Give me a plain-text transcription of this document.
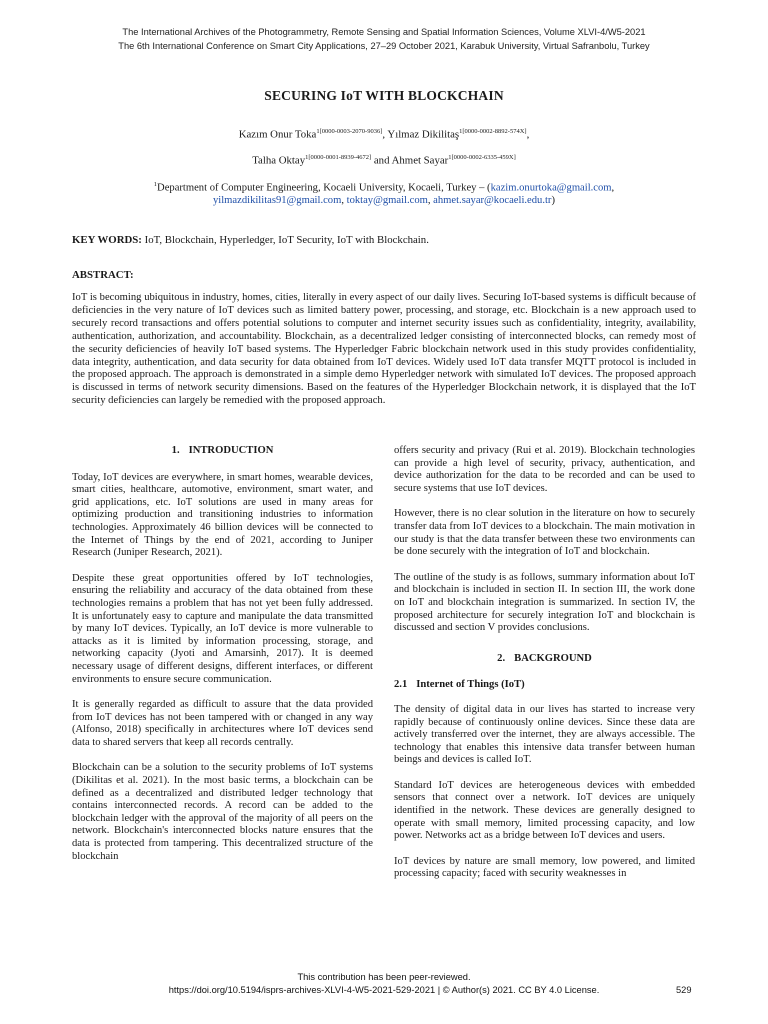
The International Archives of the Photogrammetry, Remote Sensing and Spatial Information Sciences, Volume XLVI-4/W5-2021
The 6th International Conference on Smart City Applications, 27–29 October 2021, Karabuk University, Virtual Safranbolu, Turkey
SECURING IoT WITH BLOCKCHAIN
Kazım Onur Toka$^{1[0000-0003-2070-9036]}$, Yılmaz Dikilitaş$^{1[0000-0002-8892-574X]}$,
Talha Oktay$^{1[0000-0001-8939-4672]}$ and Ahmet Sayar$^{1[0000-0002-6335-459X]}$
$^1$Department of Computer Engineering, Kocaeli University, Kocaeli, Turkey – (kazim.onurtoka@gmail.com,
yilmazdikilitas91@gmail.com, toktay@gmail.com, ahmet.sayar@kocaeli.edu.tr)
KEY WORDS: IoT, Blockchain, Hyperledger, IoT Security, IoT with Blockchain.
ABSTRACT:

IoT is becoming ubiquitous in industry, homes, cities, literally in every aspect of our daily lives. Securing IoT-based systems is difficult because of deficiencies in the very nature of IoT devices such as limited battery power, processing, and storage, etc. Blockchain is a new approach used to securely record transactions and offers potential solutions to computer and internet security issues such as confidentiality, integrity, availability, authentication, authorization, and accountability. Blockchain, as a decentralized ledger consisting of interconnected blocks, can remedy most of the security deficiencies of heavily IoT based systems. The Hyperledger Fabric blockchain network used in this study provides confidentiality, data integrity, authentication, and data security for data obtained from IoT devices. Widely used IoT data transfer MQTT protocol is included in the proposed approach. The approach is demonstrated in a simple demo Hyperledger network with simulated IoT devices. The proposed approach is discussed in terms of network security dimensions. Based on the features of the Hyperledger Blockchain network, it is displayed that the IoT security deficiencies can largely be remedied with the proposed approach.

1. INTRODUCTION

Today, IoT devices are everywhere, in smart homes, wearable devices, smart cities, healthcare, automotive, environment, smart water, and grid applications, etc. IoT solutions are used in many areas for optimizing production and transitioning industries to information technologies. Approximately 46 billion devices will be connected to the Internet of Things by the end of 2021, according to Juniper Research (Juniper Research, 2021).

Despite these great opportunities offered by IoT technologies, ensuring the reliability and accuracy of the data obtained from these technologies remains a problem that has not yet been fully addressed. It is unfortunately easy to capture and manipulate the data transmitted by many IoT devices. Typically, an IoT device is more vulnerable to attacks as it is limited by information processing, storage, and networking capacity (Jyoti and Amarsinh, 2017). It is deemed necessary usage of different designs, different interfaces, or different environments to ensure secure communication.

It is generally regarded as difficult to assure that the data provided from IoT devices has not been tampered with or changed in any way (Alfonso, 2018) specifically in architectures where IoT devices send data to shared servers that keep all records centrally.

Blockchain can be a solution to the security problems of IoT systems (Dikilitas et al. 2021). In the most basic terms, a blockchain can be defined as a decentralized and distributed ledger technology that contains interconnected records. A record can be added to the blockchain ledger with the approval of the majority of all peers on the network. Blockchain's interconnected blocks nature ensures that the data is protected from tampering. This decentralized structure of the blockchain

offers security and privacy (Rui et al. 2019). Blockchain technologies can provide a high level of security, privacy, authentication, and device authorization for the data to be recorded and can be used to secure systems that use IoT devices.

However, there is no clear solution in the literature on how to securely transfer data from IoT devices to a blockchain. The main motivation in our study is that the data transfer between these two environments can be done securely with the integration of IoT and blockchain.

The outline of the study is as follows, summary information about IoT and blockchain is included in section II. In section III, the work done on IoT and blockchain integration is summarized. In section IV, the proposed architecture for securely integration IoT and blockchain is discussed and section V provides conclusions.

2. BACKGROUND
2.1 Internet of Things (IoT)

The density of digital data in our lives has started to increase very rapidly because of continuously online devices. Since these data are actively transferred over the internet, they are always accessible. The technology that enables this intensive data transfer between human beings and devices is called IoT.

Standard IoT devices are heterogeneous devices with embedded sensors that connect over a network. IoT devices are uniquely identified in the network. These devices are generally designed to operate with small memory, limited processing capacity, and low power. Networks act as a bridge between IoT devices and users.

IoT devices by nature are small memory, low powered, and limited processing capacity; faced with security weaknesses in

This contribution has been peer-reviewed.
https://doi.org/10.5194/isprs-archives-XLVI-4-W5-2021-529-2021 | © Author(s) 2021. CC BY 4.0 License.	529
